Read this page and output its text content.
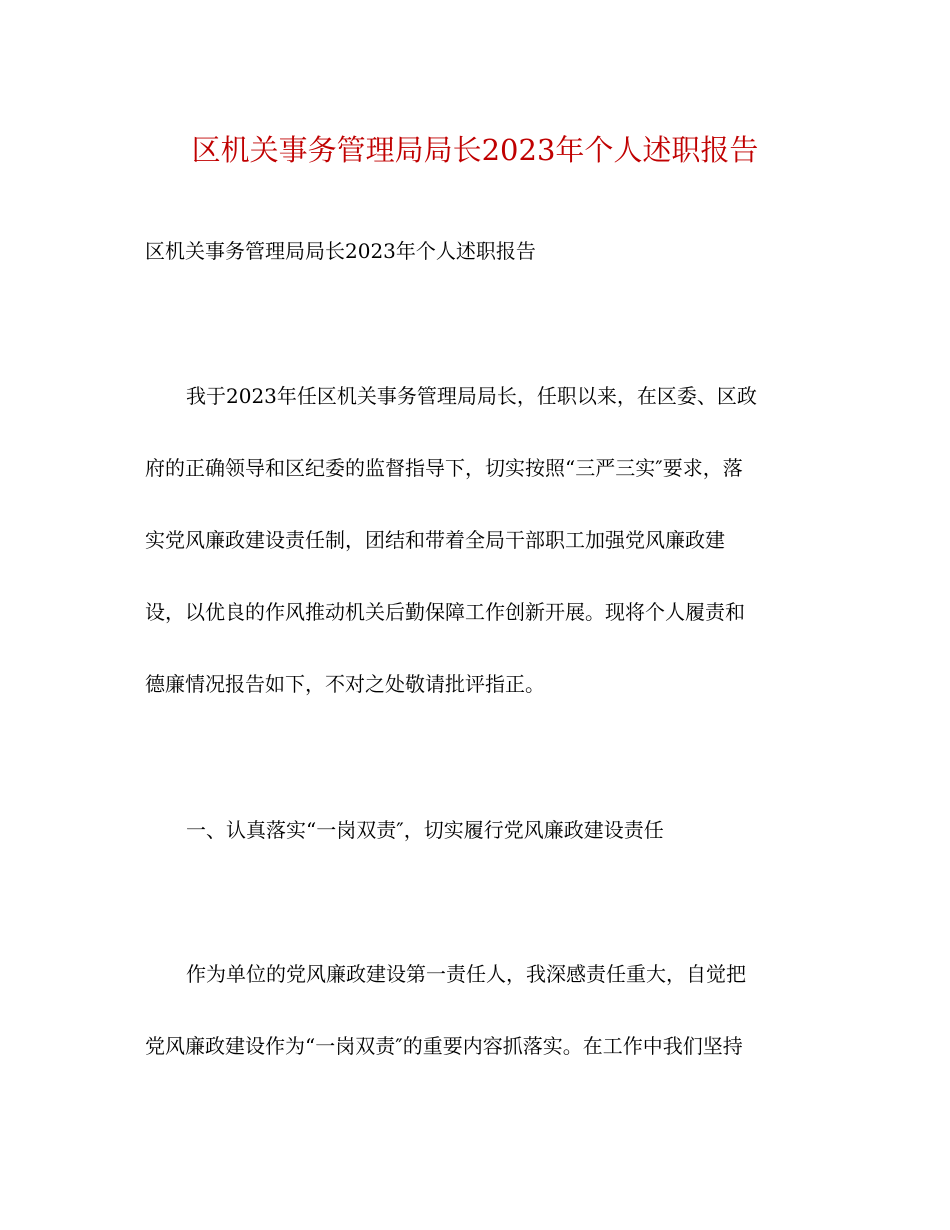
区机关事务管理局局长2023年个人述职报告
区机关事务管理局局长2023年个人述职报告
我于2023年任区机关事务管理局局长，任职以来，在区委、区政
府的正确领导和区纪委的监督指导下，切实按照“三严三实″要求，落
实党风廉政建设责任制，团结和带着全局干部职工加强党风廉政建
设，以优良的作风推动机关后勤保障工作创新开展。现将个人履责和
德廉情况报告如下，不对之处敬请批评指正。
一、认真落实“一岗双责″，切实履行党风廉政建设责任
作为单位的党风廉政建设第一责任人，我深感责任重大，自觉把
党风廉政建设作为“一岗双责″的重要内容抓落实。在工作中我们坚持
